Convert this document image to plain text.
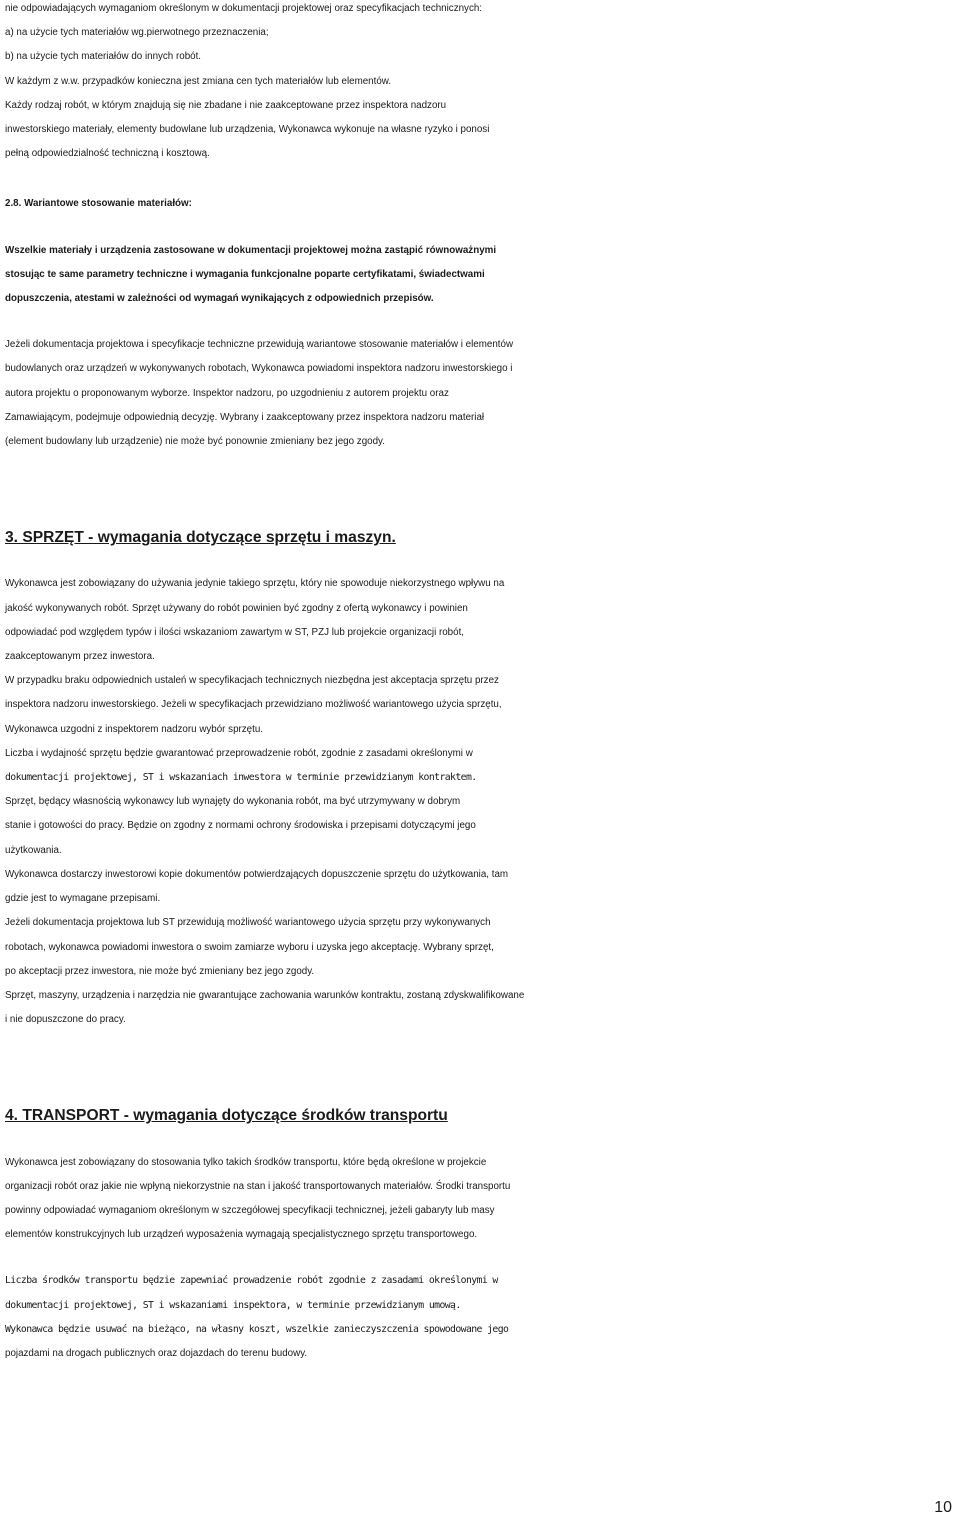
nie odpowiadających wymaganiom określonym w dokumentacji projektowej oraz specyfikacjach technicznych:
a) na użycie tych materiałów wg.pierwotnego przeznaczenia;
b) na użycie tych materiałów do innych robót.
W każdym z w.w. przypadków konieczna jest zmiana cen tych materiałów lub elementów.
Każdy rodzaj robót, w którym znajdują się nie zbadane i nie zaakceptowane przez inspektora nadzoru
inwestorskiego materiały, elementy budowlane lub urządzenia, Wykonawca wykonuje na własne ryzyko i ponosi
pełną odpowiedzialność techniczną i kosztową.
2.8. Wariantowe stosowanie materiałów:
Wszelkie materiały i urządzenia zastosowane w dokumentacji projektowej można zastąpić równoważnymi
stosując te same parametry techniczne i wymagania funkcjonalne poparte certyfikatami, świadectwami
dopuszczenia, atestami w zależności od wymagań wynikających z odpowiednich przepisów.
Jeżeli dokumentacja projektowa i specyfikacje techniczne przewidują wariantowe stosowanie materiałów i elementów
budowlanych oraz urządzeń w wykonywanych robotach, Wykonawca powiadomi inspektora nadzoru inwestorskiego i
autora projektu o proponowanym wyborze. Inspektor nadzoru, po uzgodnieniu z autorem projektu oraz
Zamawiającym, podejmuje odpowiednią decyzję. Wybrany i zaakceptowany przez inspektora nadzoru materiał
(element budowlany lub urządzenie) nie może być ponownie zmieniany bez jego zgody.
3. SPRZĘT - wymagania dotyczące sprzętu i maszyn.
Wykonawca jest zobowiązany do używania jedynie takiego sprzętu, który nie spowoduje niekorzystnego wpływu na
jakość wykonywanych robót. Sprzęt używany do robót powinien być zgodny z ofertą wykonawcy i powinien
odpowiadać pod względem typów i ilości wskazaniom zawartym w ST, PZJ lub projekcie organizacji robót,
zaakceptowanym przez inwestora.
W przypadku braku odpowiednich ustaleń w specyfikacjach technicznych niezbędna jest akceptacja sprzętu przez
inspektora nadzoru inwestorskiego. Jeżeli w specyfikacjach przewidziano możliwość wariantowego użycia sprzętu,
Wykonawca uzgodni z inspektorem nadzoru wybór sprzętu.
Liczba i wydajność sprzętu będzie gwarantować przeprowadzenie robót, zgodnie z zasadami określonymi w
dokumentacji projektowej, ST i wskazaniach inwestora w terminie przewidzianym kontraktem.
Sprzęt, będący własnością wykonawcy lub wynajęty do wykonania robót, ma być utrzymywany w dobrym
stanie i gotowości do pracy. Będzie on zgodny z normami ochrony środowiska i przepisami dotyczącymi jego
użytkowania.
Wykonawca dostarczy inwestorowi kopie dokumentów potwierdzających dopuszczenie sprzętu do użytkowania, tam
gdzie jest to wymagane przepisami.
Jeżeli dokumentacja projektowa lub ST przewidują możliwość wariantowego użycia sprzętu przy wykonywanych
robotach, wykonawca powiadomi inwestora o swoim zamiarze wyboru i uzyska jego akceptację. Wybrany sprzęt,
po akceptacji przez inwestora, nie może być zmieniany bez jego zgody.
Sprzęt, maszyny, urządzenia i narzędzia nie gwarantujące zachowania warunków kontraktu, zostaną zdyskwalifikowane
i nie dopuszczone do pracy.
4. TRANSPORT - wymagania dotyczące środków transportu
Wykonawca jest zobowiązany do stosowania tylko takich środków transportu, które będą określone w projekcie
organizacji robót oraz jakie nie wpłyną niekorzystnie na stan i jakość transportowanych materiałów. Środki transportu
powinny odpowiadać wymaganiom określonym w szczegółowej specyfikacji technicznej, jeżeli gabaryty lub masy
elementów konstrukcyjnych lub urządzeń wyposażenia wymagają specjalistycznego sprzętu transportowego.
Liczba środków transportu będzie zapewniać prowadzenie robót zgodnie z zasadami określonymi w
dokumentacji projektowej, ST i wskazaniami inspektora, w terminie przewidzianym umową.
Wykonawca będzie usuwać na bieżąco, na własny koszt, wszelkie zanieczyszczenia spowodowane jego
pojazdami na drogach publicznych oraz dojazdach do terenu budowy.
10
